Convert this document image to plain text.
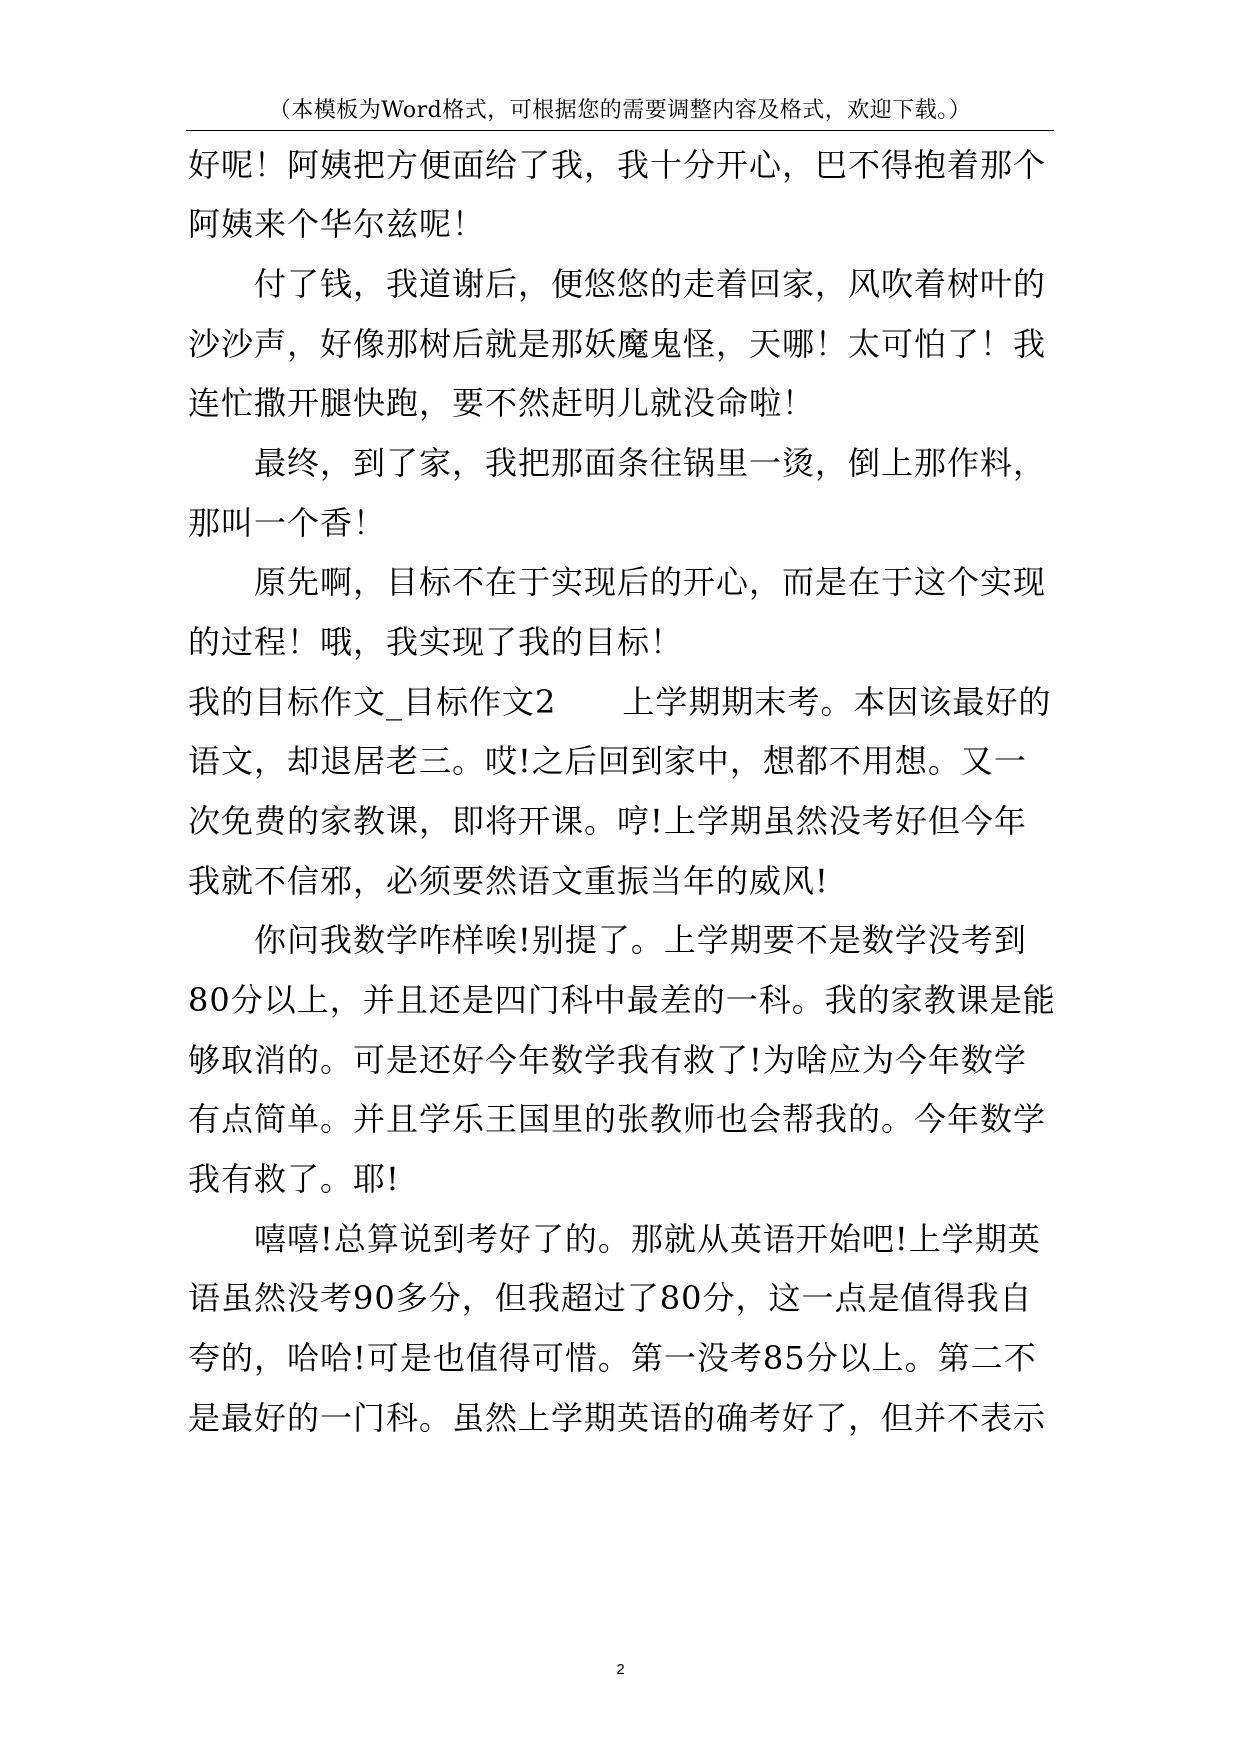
（本模板为Word格式，可根据您的需要调整内容及格式，欢迎下载。）
好呢！阿姨把方便面给了我，我十分开心，巴不得抱着那个
阿姨来个华尔兹呢！
付了钱，我道谢后，便悠悠的走着回家，风吹着树叶的
沙沙声，好像那树后就是那妖魔鬼怪，天哪！太可怕了！我
连忙撒开腿快跑，要不然赶明儿就没命啦！
最终，到了家，我把那面条往锅里一烫，倒上那作料，
那叫一个香！
原先啊，目标不在于实现后的开心，而是在于这个实现
的过程！哦，我实现了我的目标！
我的目标作文_目标作文2　　上学期期末考。本因该最好的
语文，却退居老三。哎!之后回到家中，想都不用想。又一
次免费的家教课，即将开课。哼!上学期虽然没考好但今年
我就不信邪，必须要然语文重振当年的威风!
你问我数学咋样唉!别提了。上学期要不是数学没考到
80分以上，并且还是四门科中最差的一科。我的家教课是能
够取消的。可是还好今年数学我有救了!为啥应为今年数学
有点简单。并且学乐王国里的张教师也会帮我的。今年数学
我有救了。耶!
嘻嘻!总算说到考好了的。那就从英语开始吧!上学期英
语虽然没考90多分，但我超过了80分，这一点是值得我自
夸的，哈哈!可是也值得可惜。第一没考85分以上。第二不
是最好的一门科。虽然上学期英语的确考好了，但并不表示
2
